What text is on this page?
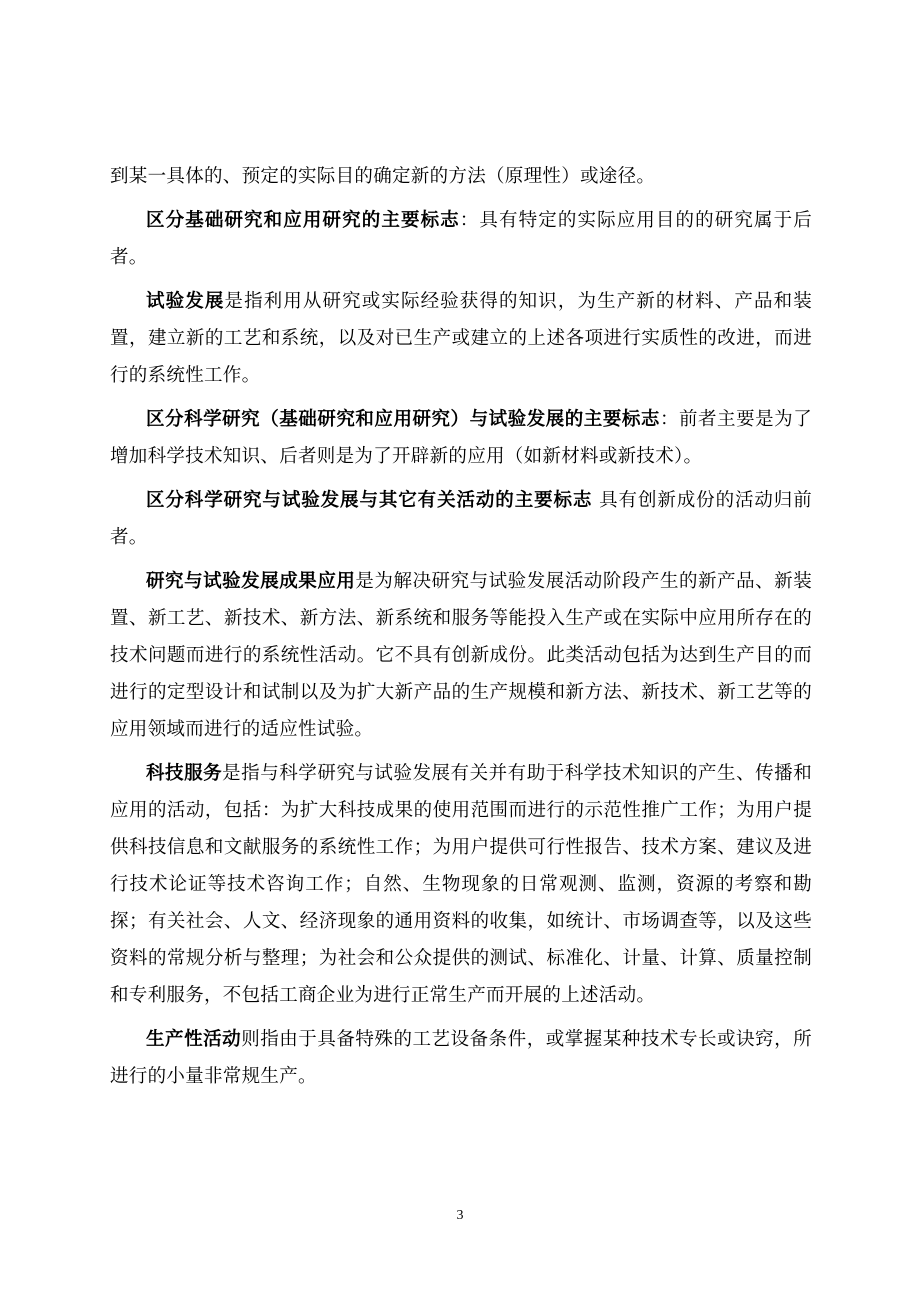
到某一具体的、预定的实际目的确定新的方法（原理性）或途径。

区分基础研究和应用研究的主要标志：具有特定的实际应用目的的研究属于后者。

试验发展是指利用从研究或实际经验获得的知识，为生产新的材料、产品和装置，建立新的工艺和系统，以及对已生产或建立的上述各项进行实质性的改进，而进行的系统性工作。

区分科学研究（基础研究和应用研究）与试验发展的主要标志：前者主要是为了增加科学技术知识、后者则是为了开辟新的应用（如新材料或新技术）。

区分科学研究与试验发展与其它有关活动的主要标志 具有创新成份的活动归前者。

研究与试验发展成果应用是为解决研究与试验发展活动阶段产生的新产品、新装置、新工艺、新技术、新方法、新系统和服务等能投入生产或在实际中应用所存在的技术问题而进行的系统性活动。它不具有创新成份。此类活动包括为达到生产目的而进行的定型设计和试制以及为扩大新产品的生产规模和新方法、新技术、新工艺等的应用领域而进行的适应性试验。

科技服务是指与科学研究与试验发展有关并有助于科学技术知识的产生、传播和应用的活动，包括：为扩大科技成果的使用范围而进行的示范性推广工作；为用户提供科技信息和文献服务的系统性工作；为用户提供可行性报告、技术方案、建议及进行技术论证等技术咨询工作；自然、生物现象的日常观测、监测，资源的考察和勘探；有关社会、人文、经济现象的通用资料的收集，如统计、市场调查等，以及这些资料的常规分析与整理；为社会和公众提供的测试、标准化、计量、计算、质量控制和专利服务，不包括工商企业为进行正常生产而开展的上述活动。

生产性活动则指由于具备特殊的工艺设备条件，或掌握某种技术专长或诀窍，所进行的小量非常规生产。

3
